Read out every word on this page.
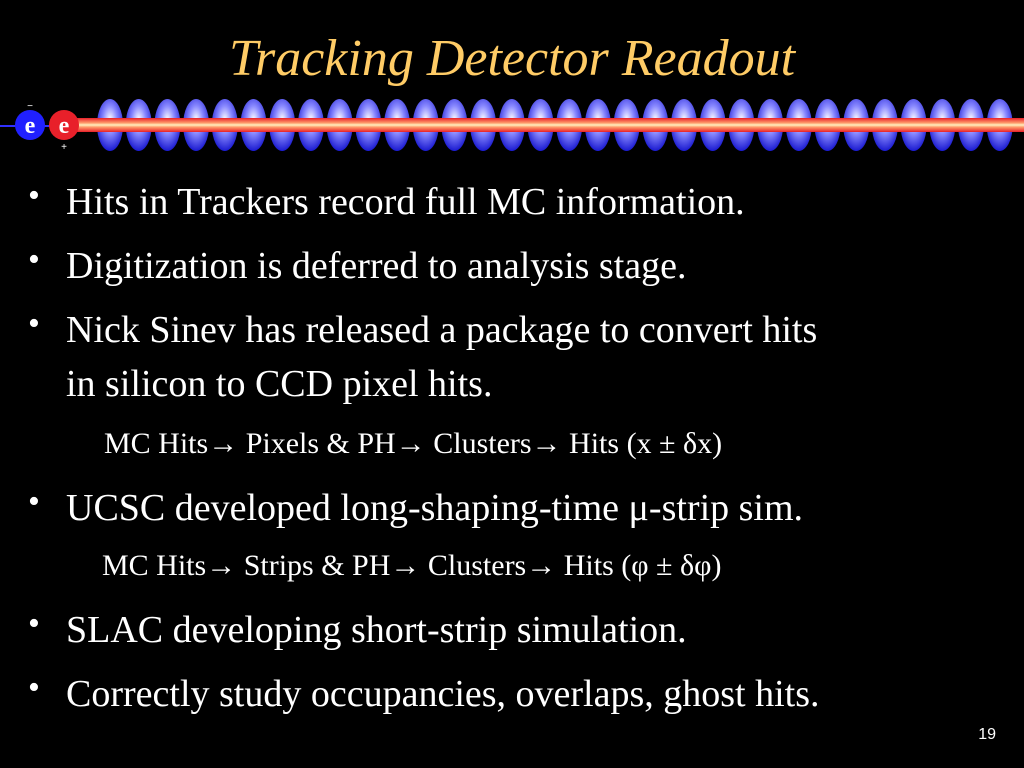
Tracking Detector Readout
e e
−
+
• Hits in Trackers record full MC information.
• Digitization is deferred to analysis stage.
• Nick Sinev has released a package to convert hits
in silicon to CCD pixel hits.
MC Hits→ Pixels & PH→ Clusters→ Hits (x ± δx)
• UCSC developed long-shaping-time μ-strip sim.
MC Hits→ Strips & PH→ Clusters→ Hits (φ ± δφ)
• SLAC developing short-strip simulation.
• Correctly study occupancies, overlaps, ghost hits.
19
